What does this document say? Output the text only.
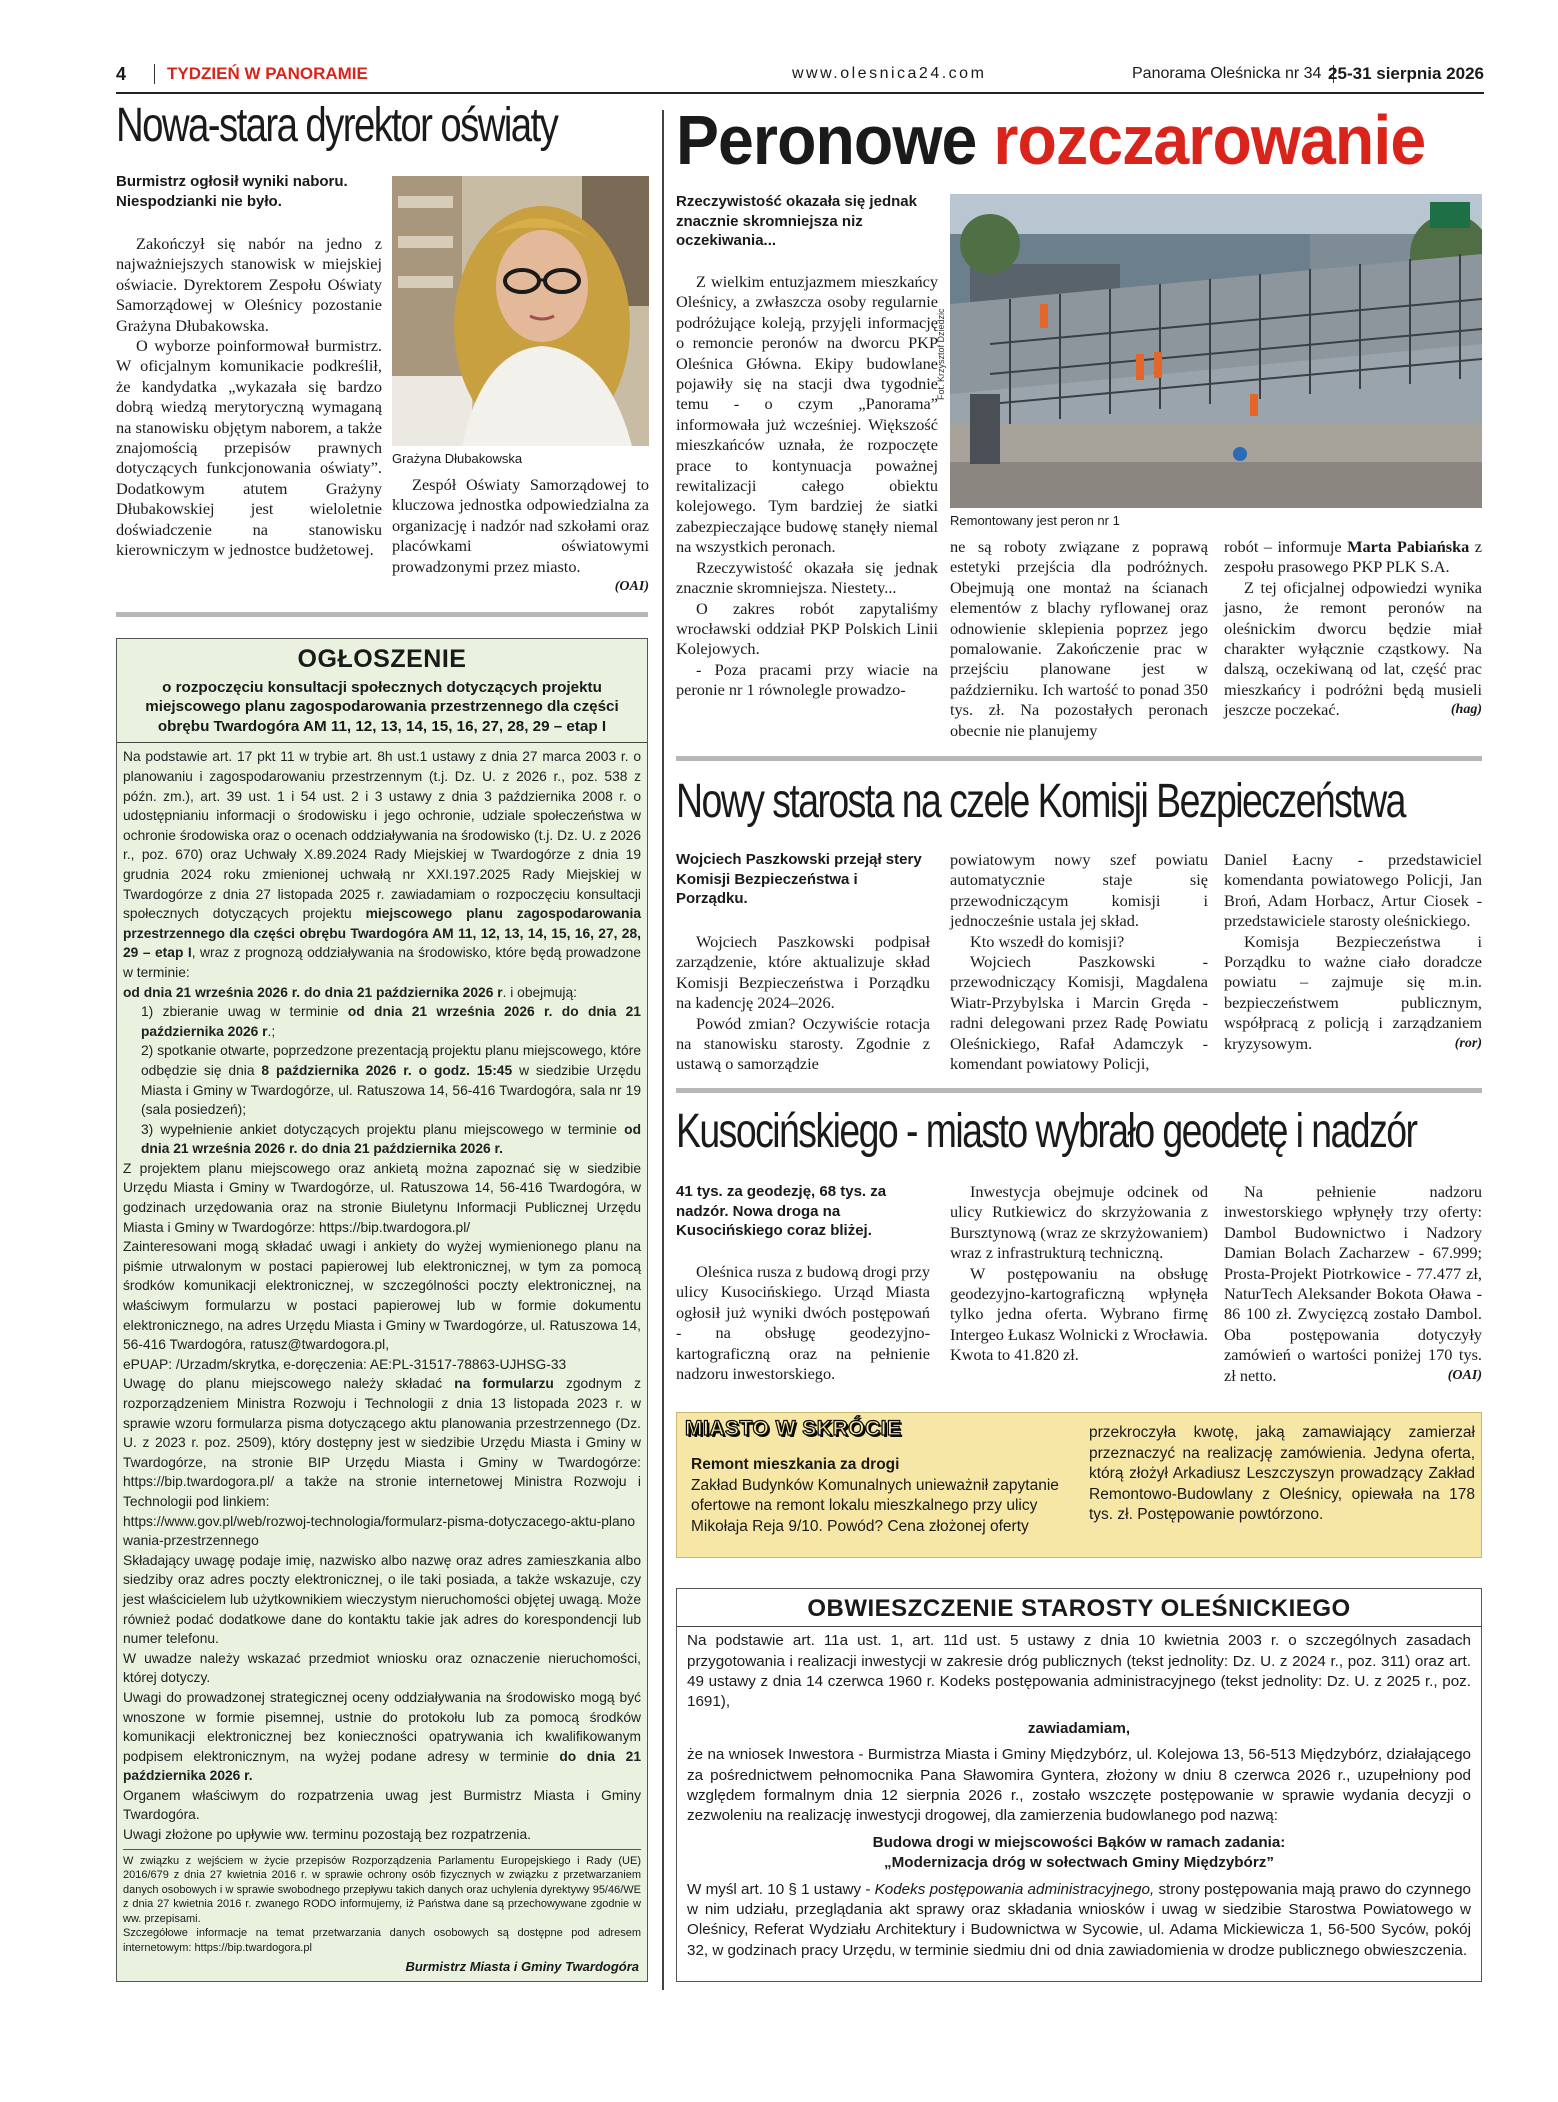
4	TYDZIEŃ W PANORAMIE	www.olesnica24.com	Panorama Oleśnicka nr 34 25-31 sierpnia 2026
Nowa-stara dyrektor oświaty
Burmistrz ogłosił wyniki naboru. Niespodzianki nie było.

Zakończył się nabór na jedno z najważniejszych stanowisk w miejskiej oświacie. Dyrektorem Zespołu Oświaty Samorządowej w Oleśnicy pozostanie Grażyna Dłubakowska.

O wyborze poinformował burmistrz. W oficjalnym komunikacie podkreślił, że kandydatka „wykazała się bardzo dobrą wiedzą merytoryczną wymaganą na stanowisku objętym naborem, a także znajomością przepisów prawnych dotyczących funkcjonowania oświaty”. Dodatkowym atutem Grażyny Dłubakowskiej jest wieloletnie doświadczenie na stanowisku kierowniczym w jednostce budżetowej.

Grażyna Dłubakowska

Zespół Oświaty Samorządowej to kluczowa jednostka odpowiedzialna za organizację i nadzór nad szkołami oraz placówkami oświatowymi prowadzonymi przez miasto.

(OAI)
Peronowe rozczarowanie
Rzeczywistość okazała się jednak znacznie skromniejsza niz oczekiwania...

Z wielkim entuzjazmem mieszkańcy Oleśnicy, a zwłaszcza osoby regularnie podróżujące koleją, przyjęli informację o remoncie peronów na dworcu PKP Oleśnica Główna. Ekipy budowlane pojawiły się na stacji dwa tygodnie temu - o czym „Panorama” informowała już wcześniej. Większość mieszkańców uznała, że rozpoczęte prace to kontynuacja poważnej rewitalizacji całego obiektu kolejowego. Tym bardziej że siatki zabezpieczające budowę stanęły niemal na wszystkich peronach.

Rzeczywistość okazała się jednak znacznie skromniejsza. Niestety...

O zakres robót zapytaliśmy wrocławski oddział PKP Polskich Linii Kolejowych.

- Poza pracami przy wiacie na peronie nr 1 równolegle prowadzo-

Fot. Krzysztof Dziedzic
Remontowany jest peron nr 1

ne są roboty związane z poprawą estetyki przejścia dla podróżnych. Obejmują one montaż na ścianach elementów z blachy ryflowanej oraz odnowienie sklepienia poprzez jego pomalowanie. Zakończenie prac w przejściu planowane jest w październiku. Ich wartość to ponad 350 tys. zł. Na pozostałych peronach obecnie nie planujemy

robót – informuje Marta Pabiańska z zespołu prasowego PKP PLK S.A.

Z tej oficjalnej odpowiedzi wynika jasno, że remont peronów na oleśnickim dworcu będzie miał charakter wyłącznie cząstkowy. Na dalszą, oczekiwaną od lat, część prac mieszkańcy i podróżni będą musieli jeszcze poczekać.	(hag)

Nowy starosta na czele Komisji Bezpieczeństwa
Wojciech Paszkowski przejął stery Komisji Bezpieczeństwa i Porządku.

Wojciech Paszkowski podpisał zarządzenie, które aktualizuje skład Komisji Bezpieczeństwa i Porządku na kadencję 2024–2026.

Powód zmian? Oczywiście rotacja na stanowisku starosty. Zgodnie z ustawą o samorządzie

powiatowym nowy szef powiatu automatycznie staje się przewodniczącym komisji i jednocześnie ustala jej skład.

Kto wszedł do komisji?

Wojciech Paszkowski - przewodniczący Komisji, Magdalena Wiatr-Przybylska i Marcin Gręda - radni delegowani przez Radę Powiatu Oleśnickiego, Rafał Adamczyk - komendant powiatowy Policji,

Daniel Łacny - przedstawiciel komendanta powiatowego Policji, Jan Broń, Adam Horbacz, Artur Ciosek - przedstawiciele starosty oleśnickiego.

Komisja Bezpieczeństwa i Porządku to ważne ciało doradcze powiatu – zajmuje się m.in. bezpieczeństwem publicznym, współpracą z policją i zarządzaniem kryzysowym.	(ror)

Kusocińskiego - miasto wybrało geodetę i nadzór
41 tys. za geodezję, 68 tys. za nadzór. Nowa droga na Kusocińskiego coraz bliżej.

Oleśnica rusza z budową drogi przy ulicy Kusocińskiego. Urząd Miasta ogłosił już wyniki dwóch postępowań - na obsługę geodezyjno-kartograficzną oraz na pełnienie nadzoru inwestorskiego.

Inwestycja obejmuje odcinek od ulicy Rutkiewicz do skrzyżowania z Bursztynową (wraz ze skrzyżowaniem) wraz z infrastrukturą techniczną.

W postępowaniu na obsługę geodezyjno-kartograficzną wpłynęła tylko jedna oferta. Wybrano firmę Intergeo Łukasz Wolnicki z Wrocławia. Kwota to 41.820 zł.

Na pełnienie nadzoru inwestorskiego wpłynęły trzy oferty: Dambol Budownictwo i Nadzory Damian Bolach Zacharzew - 67.999; Prosta-Projekt Piotrkowice - 77.477 zł, NaturTech Aleksander Bokota Oława - 86 100 zł. Zwycięzcą zostało Dambol. Oba postępowania dotyczyły zamówień o wartości poniżej 170 tys. zł netto.	(OAI)

MIASTO W SKRÓCIE
Remont mieszkania za drogi
Zakład Budynków Komunalnych unieważnił zapytanie ofertowe na remont lokalu mieszkalnego przy ulicy Mikołaja Reja 9/10. Powód? Cena złożonej oferty
przekroczyła kwotę, jaką zamawiający zamierzał przeznaczyć na realizację zamówienia. Jedyna oferta, którą złożył Arkadiusz Leszczyszyn prowadzący Zakład Remontowo-Budowlany z Oleśnicy, opiewała na 178 tys. zł. Postępowanie powtórzono.
OGŁOSZENIE
o rozpoczęciu konsultacji społecznych dotyczących projektu miejscowego planu zagospodarowania przestrzennego dla części obrębu Twardogóra AM 11, 12, 13, 14, 15, 16, 27, 28, 29 – etap I
Na podstawie art. 17 pkt 11 w trybie art. 8h ust.1 ustawy z dnia 27 marca 2003 r. o planowaniu i zagospodarowaniu przestrzennym (t.j. Dz. U. z 2026 r., poz. 538 z późn. zm.), art. 39 ust. 1 i 54 ust. 2 i 3 ustawy z dnia 3 października 2008 r. o udostępnianiu informacji o środowisku i jego ochronie, udziale społeczeństwa w ochronie środowiska oraz o ocenach oddziaływania na środowisko (t.j. Dz. U. z 2026 r., poz. 670) oraz Uchwały X.89.2024 Rady Miejskiej w Twardogórze z dnia 19 grudnia 2024 roku zmienionej uchwałą nr XXI.197.2025 Rady Miejskiej w Twardogórze z dnia 27 listopada 2025 r. zawiadamiam o rozpoczęciu konsultacji społecznych dotyczących projektu miejscowego planu zagospodarowania przestrzennego dla części obrębu Twardogóra AM 11, 12, 13, 14, 15, 16, 27, 28, 29 – etap I, wraz z prognozą oddziaływania na środowisko, które będą prowadzone w terminie:
od dnia 21 września 2026 r. do dnia 21 października 2026 r. i obejmują:
1) zbieranie uwag w terminie od dnia 21 września 2026 r. do dnia 21 października 2026 r.;
2) spotkanie otwarte, poprzedzone prezentacją projektu planu miejscowego, które odbędzie się dnia 8 października 2026 r. o godz. 15:45 w siedzibie Urzędu Miasta i Gminy w Twardogórze, ul. Ratuszowa 14, 56-416 Twardogóra, sala nr 19 (sala posiedzeń);
3) wypełnienie ankiet dotyczących projektu planu miejscowego w terminie od dnia 21 września 2026 r. do dnia 21 października 2026 r.
Z projektem planu miejscowego oraz ankietą można zapoznać się w siedzibie Urzędu Miasta i Gminy w Twardogórze, ul. Ratuszowa 14, 56-416 Twardogóra, w godzinach urzędowania oraz na stronie Biuletynu Informacji Publicznej Urzędu Miasta i Gminy w Twardogórze: https://bip.twardogora.pl/
Zainteresowani mogą składać uwagi i ankiety do wyżej wymienionego planu na piśmie utrwalonym w postaci papierowej lub elektronicznej, w tym za pomocą środków komunikacji elektronicznej, w szczególności poczty elektronicznej, na właściwym formularzu w postaci papierowej lub w formie dokumentu elektronicznego, na adres Urzędu Miasta i Gminy w Twardogórze, ul. Ratuszowa 14, 56-416 Twardogóra, ratusz@twardogora.pl,
ePUAP: /Urzadm/skrytka, e-doręczenia: AE:PL-31517-78863-UJHSG-33
Uwagę do planu miejscowego należy składać na formularzu zgodnym z rozporządzeniem Ministra Rozwoju i Technologii z dnia 13 listopada 2023 r. w sprawie wzoru formularza pisma dotyczącego aktu planowania przestrzennego (Dz. U. z 2023 r. poz. 2509), który dostępny jest w siedzibie Urzędu Miasta i Gminy w Twardogórze, na stronie BIP Urzędu Miasta i Gminy w Twardogórze: https://bip.twardogora.pl/ a także na stronie internetowej Ministra Rozwoju i Technologii pod linkiem:
https://www.gov.pl/web/rozwoj-technologia/formularz-pisma-dotyczacego-aktu-planowania-przestrzennego
Składający uwagę podaje imię, nazwisko albo nazwę oraz adres zamieszkania albo siedziby oraz adres poczty elektronicznej, o ile taki posiada, a także wskazuje, czy jest właścicielem lub użytkownikiem wieczystym nieruchomości objętej uwagą. Może również podać dodatkowe dane do kontaktu takie jak adres do korespondencji lub numer telefonu.
W uwadze należy wskazać przedmiot wniosku oraz oznaczenie nieruchomości, której dotyczy.
Uwagi do prowadzonej strategicznej oceny oddziaływania na środowisko mogą być wnoszone w formie pisemnej, ustnie do protokołu lub za pomocą środków komunikacji elektronicznej bez konieczności opatrywania ich kwalifikowanym podpisem elektronicznym, na wyżej podane adresy w terminie do dnia 21 października 2026 r.
Organem właściwym do rozpatrzenia uwag jest Burmistrz Miasta i Gminy Twardogóra.
Uwagi złożone po upływie ww. terminu pozostają bez rozpatrzenia.
W związku z wejściem w życie przepisów Rozporządzenia Parlamentu Europejskiego i Rady (UE) 2016/679 z dnia 27 kwietnia 2016 r. w sprawie ochrony osób fizycznych w związku z przetwarzaniem danych osobowych i w sprawie swobodnego przepływu takich danych oraz uchylenia dyrektywy 95/46/WE z dnia 27 kwietnia 2016 r. zwanego RODO informujemy, iż Państwa dane są przechowywane zgodnie w ww. przepisami.
Szczegółowe informacje na temat przetwarzania danych osobowych są dostępne pod adresem internetowym: https://bip.twardogora.pl
Burmistrz Miasta i Gminy Twardogóra
OBWIESZCZENIE STAROSTY OLEŚNICKIEGO
Na podstawie art. 11a ust. 1, art. 11d ust. 5 ustawy z dnia 10 kwietnia 2003 r. o szczególnych zasadach przygotowania i realizacji inwestycji w zakresie dróg publicznych (tekst jednolity: Dz. U. z 2024 r., poz. 311) oraz art. 49 ustawy z dnia 14 czerwca 1960 r. Kodeks postępowania administracyjnego (tekst jednolity: Dz. U. z 2025 r., poz. 1691),
zawiadamiam,
że na wniosek Inwestora - Burmistrza Miasta i Gminy Międzybórz, ul. Kolejowa 13, 56-513 Międzybórz, działającego za pośrednictwem pełnomocnika Pana Sławomira Gyntera, złożony w dniu 8 czerwca 2026 r., uzupełniony pod względem formalnym dnia 12 sierpnia 2026 r., zostało wszczęte postępowanie w sprawie wydania decyzji o zezwoleniu na realizację inwestycji drogowej, dla zamierzenia budowlanego pod nazwą:
Budowa drogi w miejscowości Bąków w ramach zadania:
„Modernizacja dróg w sołectwach Gminy Międzybórz”
W myśl art. 10 § 1 ustawy - Kodeks postępowania administracyjnego, strony postępowania mają prawo do czynnego w nim udziału, przeglądania akt sprawy oraz składania wniosków i uwag w siedzibie Starostwa Powiatowego w Oleśnicy, Referat Wydziału Architektury i Budownictwa w Sycowie, ul. Adama Mickiewicza 1, 56-500 Syców, pokój 32, w godzinach pracy Urzędu, w terminie siedmiu dni od dnia zawiadomienia w drodze publicznego obwieszczenia.
